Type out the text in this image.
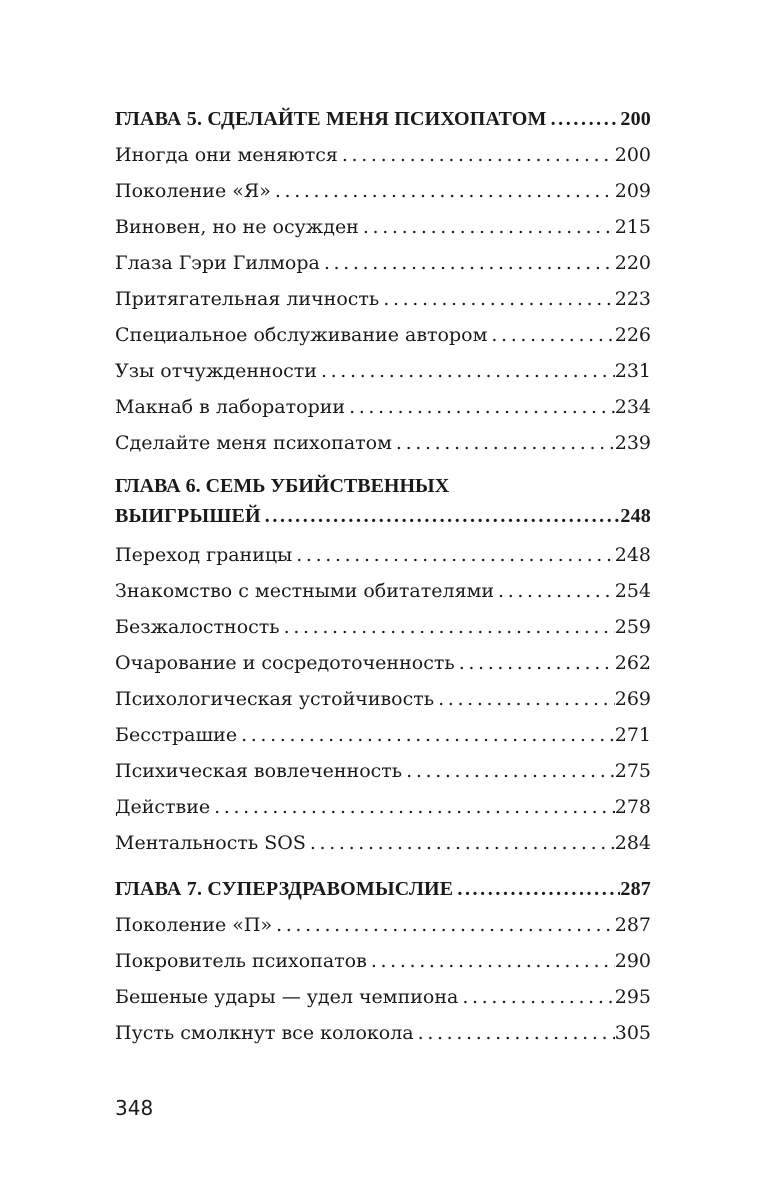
ГЛАВА 5. СДЕЛАЙТЕ МЕНЯ ПСИХОПАТОМ . . .	200
Иногда они меняются . . .	200
Поколение «Я» . . .	209
Виновен, но не осужден . . .	215
Глаза Гэри Гилмора . . .	220
Притягательная личность . . .	223
Специальное обслуживание автором . . .	226
Узы отчужденности . . .	231
Макнаб в лаборатории . . .	234
Сделайте меня психопатом . . .	239
ГЛАВА 6. СЕМЬ УБИЙСТВЕННЫХ
ВЫИГРЫШЕЙ . . .	248
Переход границы . . .	248
Знакомство с местными обитателями . . .	254
Безжалостность . . .	259
Очарование и сосредоточенность . . .	262
Психологическая устойчивость . . .	269
Бесстрашие . . .	271
Психическая вовлеченность . . .	275
Действие . . .	278
Ментальность SOS . . .	284
ГЛАВА 7. СУПЕРЗДРАВОМЫСЛИЕ . . .	287
Поколение «П» . . .	287
Покровитель психопатов . . .	290
Бешеные удары — удел чемпиона . . .	295
Пусть смолкнут все колокола . . .	305
348
